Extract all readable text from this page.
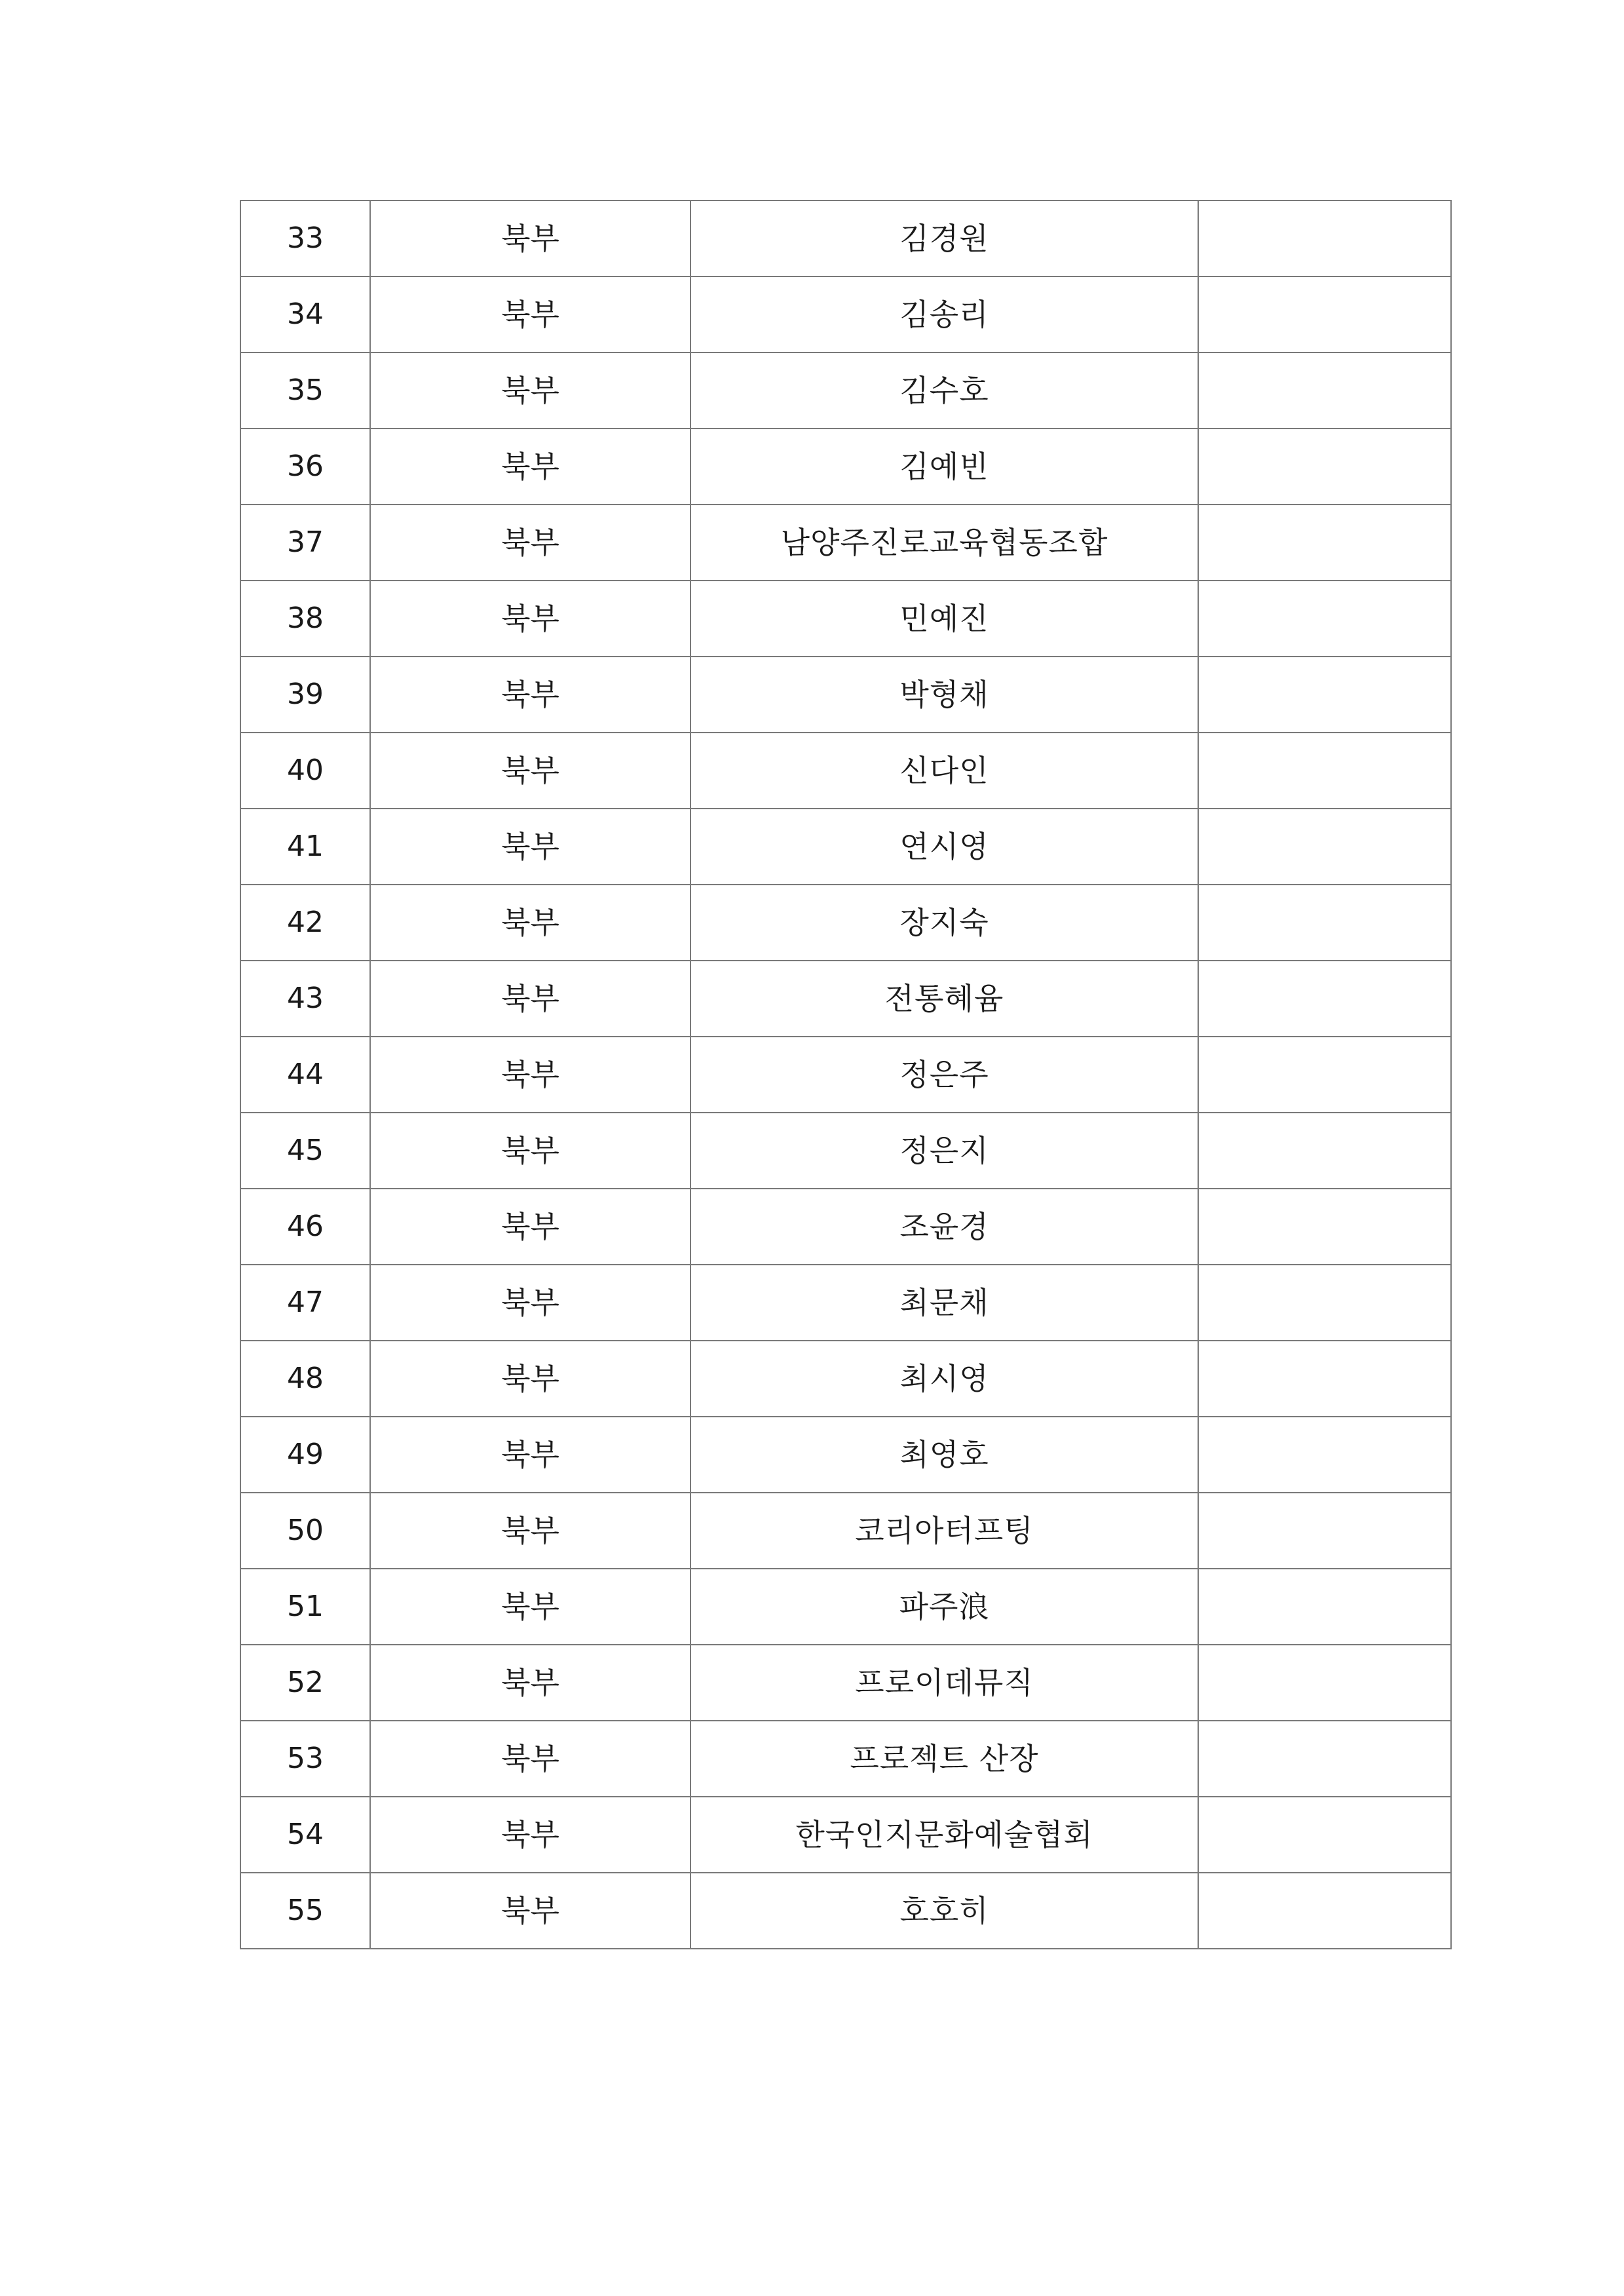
33	북부	김경원	
34	북부	김송리	
35	북부	김수호	
36	북부	김예빈	
37	북부	남양주진로교육협동조합	
38	북부	민예진	
39	북부	박형채	
40	북부	신다인	
41	북부	연시영	
42	북부	장지숙	
43	북부	전통혜윰	
44	북부	정은주	
45	북부	정은지	
46	북부	조윤경	
47	북부	최문채	
48	북부	최시영	
49	북부	최영호	
50	북부	코리아터프팅	
51	북부	파주浪	
52	북부	프로이데뮤직	
53	북부	프로젝트 산장	
54	북부	한국인지문화예술협회	
55	북부	호호히	
